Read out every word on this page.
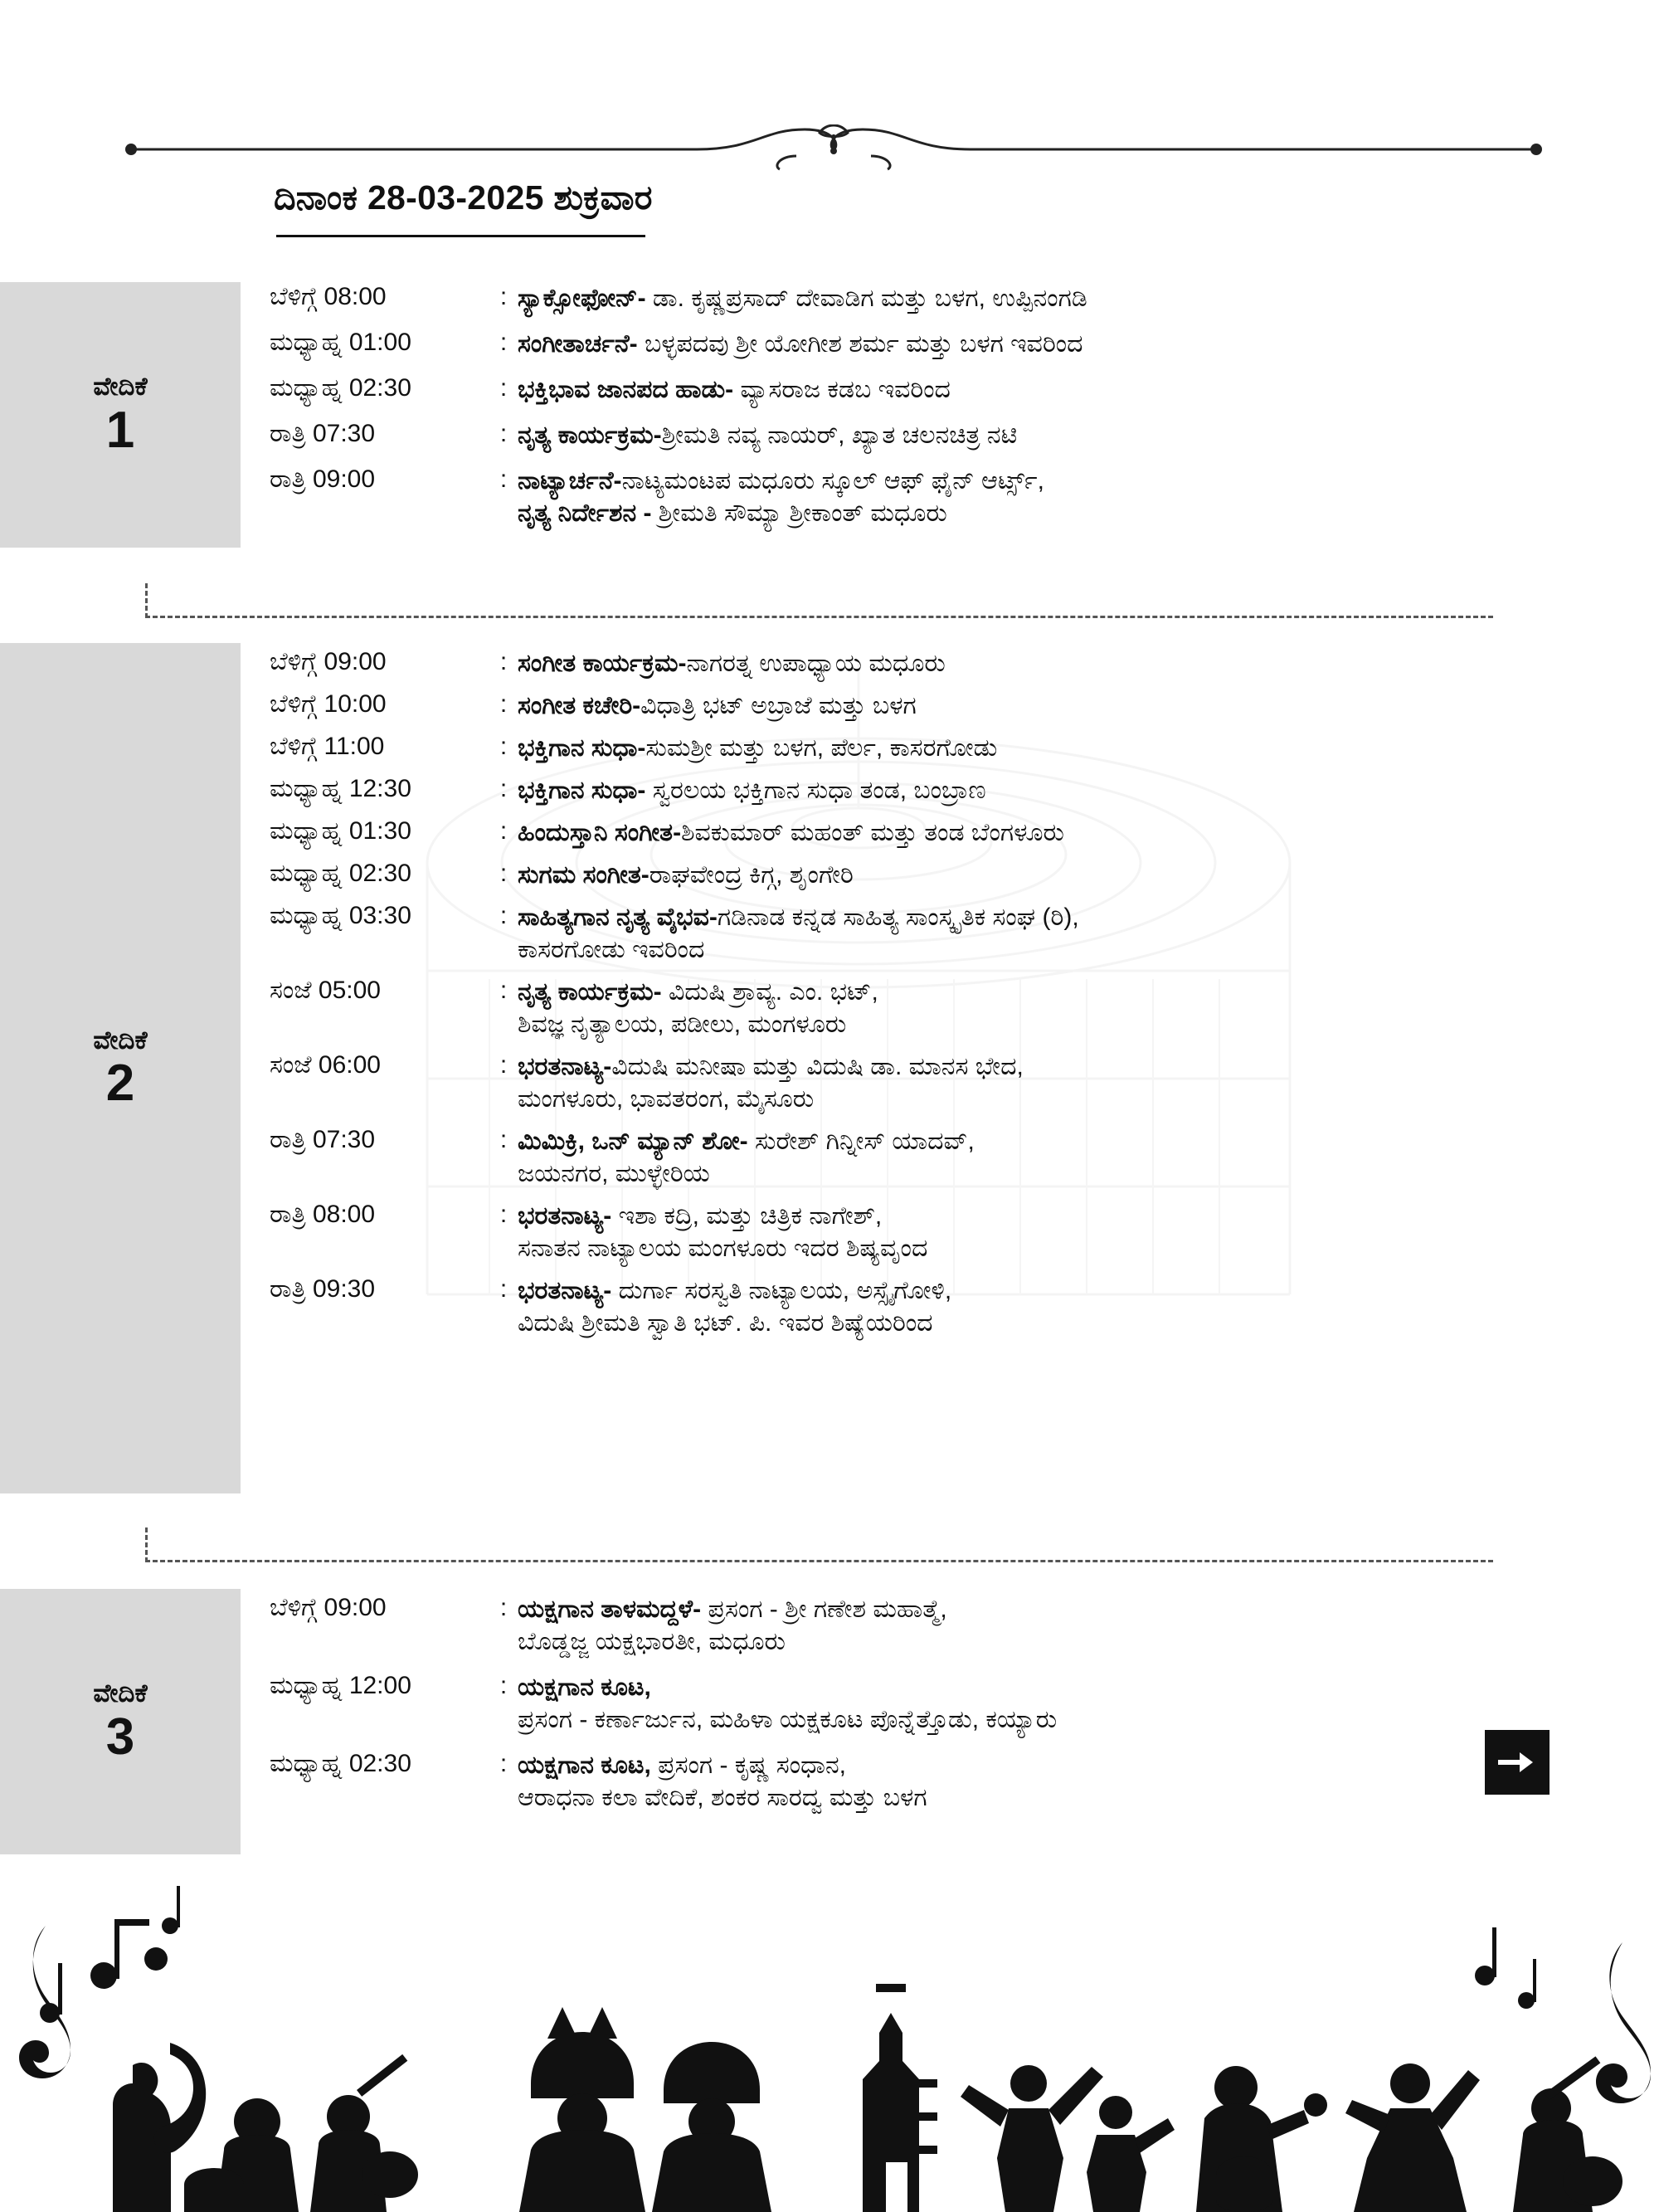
ದಿನಾಂಕ 28-03-2025 ಶುಕ್ರವಾರ
ವೇದಿಕೆ
1
ವೇದಿಕೆ
2
ವೇದಿಕೆ
3
ಬೆಳಿಗ್ಗೆ 08:00	: ಸ್ಯಾಕ್ಸೋಫೋನ್- ಡಾ. ಕೃಷ್ಣಪ್ರಸಾದ್ ದೇವಾಡಿಗ ಮತ್ತು ಬಳಗ, ಉಪ್ಪಿನಂಗಡಿ
ಮಧ್ಯಾಹ್ನ 01:00	: ಸಂಗೀತಾರ್ಚನೆ- ಬಳ್ಳಪದವು ಶ್ರೀ ಯೋಗೀಶ ಶರ್ಮ ಮತ್ತು ಬಳಗ ಇವರಿಂದ
ಮಧ್ಯಾಹ್ನ 02:30	: ಭಕ್ತಿಭಾವ ಜಾನಪದ ಹಾಡು- ವ್ಯಾಸರಾಜ ಕಡಬ ಇವರಿಂದ
ರಾತ್ರಿ 07:30	: ನೃತ್ಯ ಕಾರ್ಯಕ್ರಮ-ಶ್ರೀಮತಿ ನವ್ಯ ನಾಯರ್, ಖ್ಯಾತ ಚಲನಚಿತ್ರ ನಟಿ
ರಾತ್ರಿ 09:00	: ನಾಟ್ಯಾರ್ಚನೆ-ನಾಟ್ಯಮಂಟಪ ಮಧೂರು ಸ್ಕೂಲ್ ಆಫ್ ಫೈನ್ ಆರ್ಟ್ಸ್,
ನೃತ್ಯ ನಿರ್ದೇಶನ - ಶ್ರೀಮತಿ ಸೌಮ್ಯಾ ಶ್ರೀಕಾಂತ್ ಮಧೂರು
ಬೆಳಿಗ್ಗೆ 09:00	: ಸಂಗೀತ ಕಾರ್ಯಕ್ರಮ-ನಾಗರತ್ನ ಉಪಾಧ್ಯಾಯ ಮಧೂರು
ಬೆಳಿಗ್ಗೆ 10:00	: ಸಂಗೀತ ಕಚೇರಿ-ವಿಧಾತ್ರಿ ಭಟ್ ಅಬ್ರಾಜೆ ಮತ್ತು ಬಳಗ
ಬೆಳಿಗ್ಗೆ 11:00	: ಭಕ್ತಿಗಾನ ಸುಧಾ-ಸುಮಶ್ರೀ ಮತ್ತು ಬಳಗ, ಪೆರ್ಲ, ಕಾಸರಗೋಡು
ಮಧ್ಯಾಹ್ನ 12:30	: ಭಕ್ತಿಗಾನ ಸುಧಾ- ಸ್ವರಲಯ ಭಕ್ತಿಗಾನ ಸುಧಾ ತಂಡ, ಬಂಬ್ರಾಣ
ಮಧ್ಯಾಹ್ನ 01:30	: ಹಿಂದುಸ್ತಾನಿ ಸಂಗೀತ-ಶಿವಕುಮಾರ್ ಮಹಂತ್ ಮತ್ತು ತಂಡ ಬೆಂಗಳೂರು
ಮಧ್ಯಾಹ್ನ 02:30	: ಸುಗಮ ಸಂಗೀತ-ರಾಘವೇಂದ್ರ ಕಿಗ್ಗ, ಶೃಂಗೇರಿ
ಮಧ್ಯಾಹ್ನ 03:30	: ಸಾಹಿತ್ಯಗಾನ ನೃತ್ಯ ವೈಭವ-ಗಡಿನಾಡ ಕನ್ನಡ ಸಾಹಿತ್ಯ ಸಾಂಸ್ಕೃತಿಕ ಸಂಘ (ರಿ),
ಕಾಸರಗೋಡು ಇವರಿಂದ
ಸಂಜೆ 05:00	: ನೃತ್ಯ ಕಾರ್ಯಕ್ರಮ- ವಿದುಷಿ ಶ್ರಾವ್ಯ. ಎಂ. ಭಟ್,
ಶಿವಜ್ಞ ನೃತ್ಯಾಲಯ, ಪಡೀಲು, ಮಂಗಳೂರು
ಸಂಜೆ 06:00	: ಭರತನಾಟ್ಯ-ವಿದುಷಿ ಮನೀಷಾ ಮತ್ತು ವಿದುಷಿ ಡಾ. ಮಾನಸ ಭೇದ,
ಮಂಗಳೂರು, ಭಾವತರಂಗ, ಮೈಸೂರು
ರಾತ್ರಿ 07:30	: ಮಿಮಿಕ್ರಿ, ಒನ್ ಮ್ಯಾನ್ ಶೋ- ಸುರೇಶ್ ಗಿನ್ನೀಸ್ ಯಾದವ್,
ಜಯನಗರ, ಮುಳ್ಳೇರಿಯ
ರಾತ್ರಿ 08:00	: ಭರತನಾಟ್ಯ- ಇಶಾ ಕದ್ರಿ, ಮತ್ತು ಚಿತ್ರಿಕ ನಾಗೇಶ್,
ಸನಾತನ ನಾಟ್ಯಾಲಯ ಮಂಗಳೂರು ಇದರ ಶಿಷ್ಯವೃಂದ
ರಾತ್ರಿ 09:30	: ಭರತನಾಟ್ಯ- ದುರ್ಗಾ ಸರಸ್ವತಿ ನಾಟ್ಯಾಲಯ, ಅಸ್ಸೈಗೋಳಿ,
ವಿದುಷಿ ಶ್ರೀಮತಿ ಸ್ವಾತಿ ಭಟ್. ಪಿ. ಇವರ ಶಿಷ್ಯೆಯರಿಂದ
ಬೆಳಿಗ್ಗೆ 09:00	: ಯಕ್ಷಗಾನ ತಾಳಮದ್ದಳೆ- ಪ್ರಸಂಗ - ಶ್ರೀ ಗಣೇಶ ಮಹಾತ್ಮೆ,
ಬೊಡ್ಡಜ್ಜ ಯಕ್ಷಭಾರತೀ, ಮಧೂರು
ಮಧ್ಯಾಹ್ನ 12:00	: ಯಕ್ಷಗಾನ ಕೂಟ,
ಪ್ರಸಂಗ - ಕರ್ಣಾರ್ಜುನ, ಮಹಿಳಾ ಯಕ್ಷಕೂಟ ಪೊನ್ನೆತ್ತೊಡು, ಕಯ್ಯಾರು
ಮಧ್ಯಾಹ್ನ 02:30	: ಯಕ್ಷಗಾನ ಕೂಟ, ಪ್ರಸಂಗ - ಕೃಷ್ಣ ಸಂಧಾನ,
ಆರಾಧನಾ ಕಲಾ ವೇದಿಕೆ, ಶಂಕರ ಸಾರದ್ವ ಮತ್ತು ಬಳಗ
